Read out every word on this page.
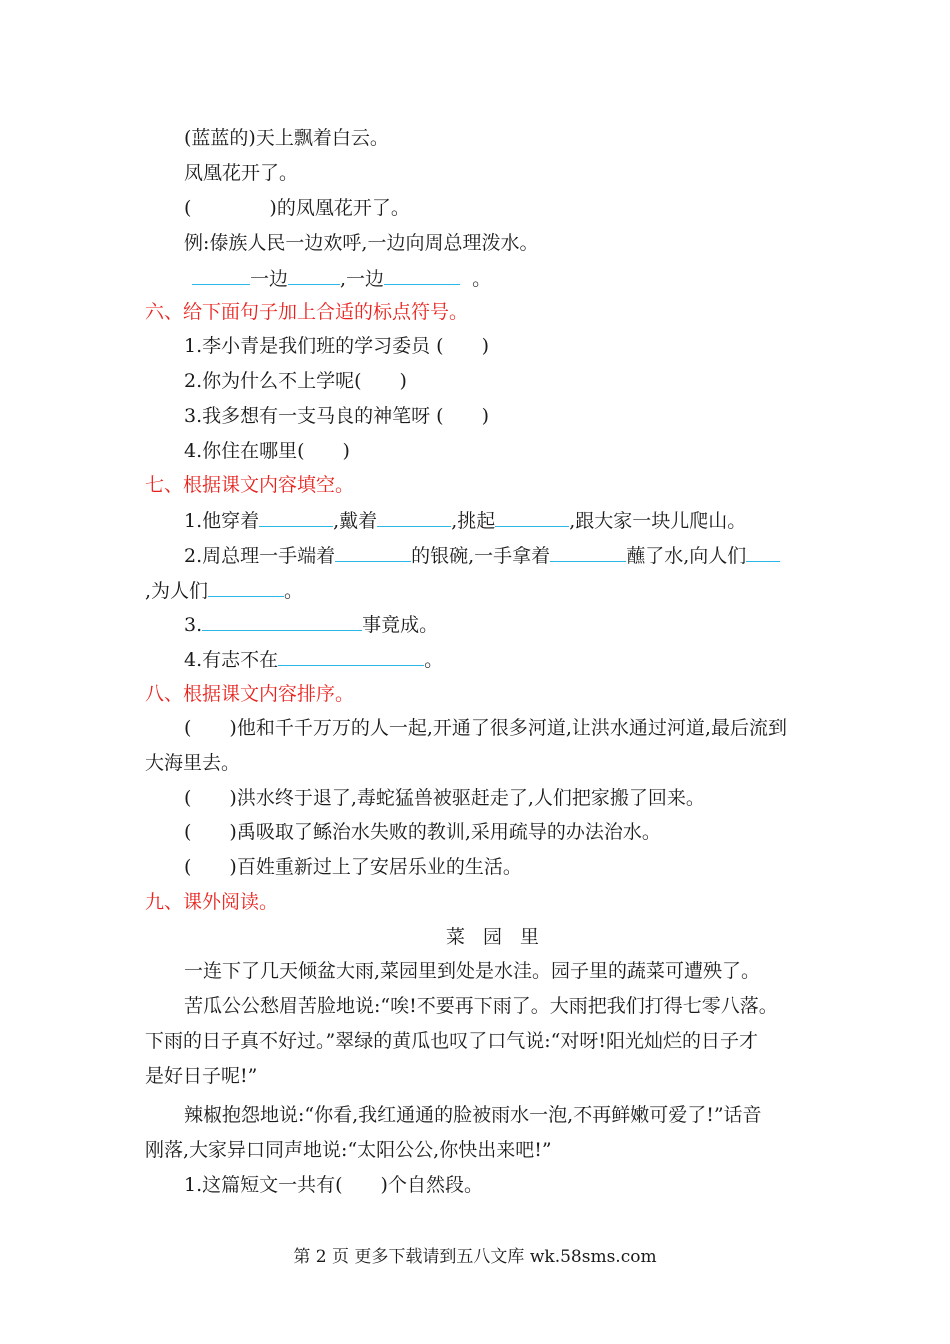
(蓝蓝的)天上飘着白云。
凤凰花开了。
(	)的凤凰花开了。
例:傣族人民一边欢呼,一边向周总理泼水。
一边	,一边	。
六、给下面句子加上合适的标点符号。
1.李小青是我们班的学习委员 (　　)
2.你为什么不上学呢(　　)
3.我多想有一支马良的神笔呀 (　　)
4.你住在哪里(　　)
七、根据课文内容填空。
1.他穿着	,戴着	,挑起	,跟大家一块儿爬山。
2.周总理一手端着	的银碗,一手拿着	蘸了水,向人们
,为人们	。
3.	事竟成。
4.有志不在	。
八、根据课文内容排序。
(　　)他和千千万万的人一起,开通了很多河道,让洪水通过河道,最后流到
大海里去。
(　　)洪水终于退了,毒蛇猛兽被驱赶走了,人们把家搬了回来。
(　　)禹吸取了鲧治水失败的教训,采用疏导的办法治水。
(　　)百姓重新过上了安居乐业的生活。
九、课外阅读。
菜园里
一连下了几天倾盆大雨,菜园里到处是水洼。园子里的蔬菜可遭殃了。
苦瓜公公愁眉苦脸地说:“唉!不要再下雨了。大雨把我们打得七零八落。
下雨的日子真不好过。”翠绿的黄瓜也叹了口气说:“对呀!阳光灿烂的日子才
是好日子呢!”
辣椒抱怨地说:“你看,我红通通的脸被雨水一泡,不再鲜嫩可爱了!”话音
刚落,大家异口同声地说:“太阳公公,你快出来吧!”
1.这篇短文一共有(　　)个自然段。
第 2 页 更多下载请到五八文库 wk.58sms.com
